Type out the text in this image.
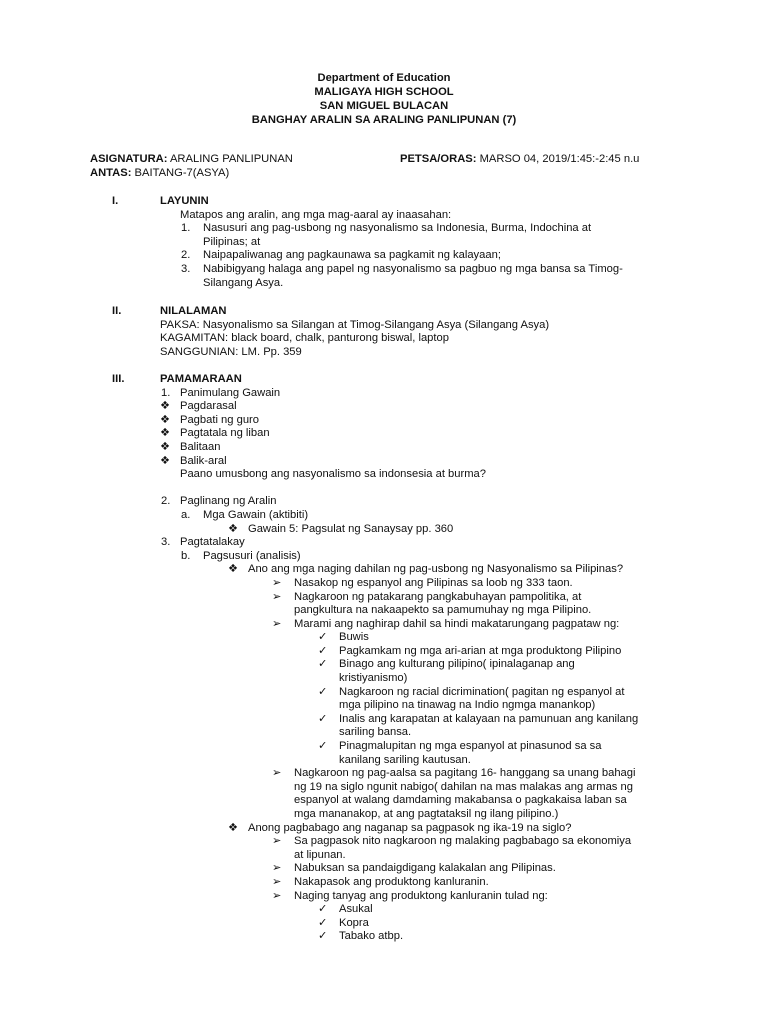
Department of Education
MALIGAYA HIGH SCHOOL
SAN MIGUEL BULACAN
BANGHAY ARALIN SA ARALING PANLIPUNAN (7)
ASIGNATURA: ARALING PANLIPUNAN	PETSA/ORAS: MARSO 04, 2019/1:45:-2:45 n.u
ANTAS: BAITANG-7(ASYA)
I.	LAYUNIN
Matapos ang aralin, ang mga mag-aaral ay inaasahan:
1. Nasusuri ang pag-usbong ng nasyonalismo sa Indonesia, Burma, Indochina at
Pilipinas; at
2. Naipapaliwanag ang pagkaunawa sa pagkamit ng kalayaan;
3. Nabibigyang halaga ang papel ng nasyonalismo sa pagbuo ng mga bansa sa Timog-
Silangang Asya.
II.	NILALAMAN
PAKSA: Nasyonalismo sa Silangan at Timog-Silangang Asya (Silangang Asya)
KAGAMITAN: black board, chalk, panturong biswal, laptop
SANGGUNIAN: LM. Pp. 359
III.	PAMAMARAAN
1. Panimulang Gawain
❖ Pagdarasal
❖ Pagbati ng guro
❖ Pagtatala ng liban
❖ Balitaan
❖ Balik-aral
Paano umusbong ang nasyonalismo sa indonsesia at burma?
2. Paglinang ng Aralin
a. Mga Gawain (aktibiti)
❖ Gawain 5: Pagsulat ng Sanaysay pp. 360
3. Pagtatalakay
b. Pagsusuri (analisis)
❖ Ano ang mga naging dahilan ng pag-usbong ng Nasyonalismo sa Pilipinas?
➢ Nasakop ng espanyol ang Pilipinas sa loob ng 333 taon.
➢ Nagkaroon ng patakarang pangkabuhayan pampolitika, at
pangkultura na nakaapekto sa pamumuhay ng mga Pilipino.
➢ Marami ang naghirap dahil sa hindi makatarungang pagpataw ng:
✓ Buwis
✓ Pagkamkam ng mga ari-arian at mga produktong Pilipino
✓ Binago ang kulturang pilipino( ipinalaganap ang
kristiyanismo)
✓ Nagkaroon ng racial dicrimination( pagitan ng espanyol at
mga pilipino na tinawag na Indio ngmga manankop)
✓ Inalis ang karapatan at kalayaan na pamunuan ang kanilang
sariling bansa.
✓ Pinagmalupitan ng mga espanyol at pinasunod sa sa
kanilang sariling kautusan.
➢ Nagkaroon ng pag-aalsa sa pagitang 16- hanggang sa unang bahagi
ng 19 na siglo ngunit nabigo( dahilan na mas malakas ang armas ng
espanyol at walang damdaming makabansa o pagkakaisa laban sa
mga mananakop, at ang pagtataksil ng ilang pilipino.)
❖ Anong pagbabago ang naganap sa pagpasok ng ika-19 na siglo?
➢ Sa pagpasok nito nagkaroon ng malaking pagbabago sa ekonomiya
at lipunan.
➢ Nabuksan sa pandaigdigang kalakalan ang Pilipinas.
➢ Nakapasok ang produktong kanluranin.
➢ Naging tanyag ang produktong kanluranin tulad ng:
✓ Asukal
✓ Kopra
✓ Tabako atbp.
